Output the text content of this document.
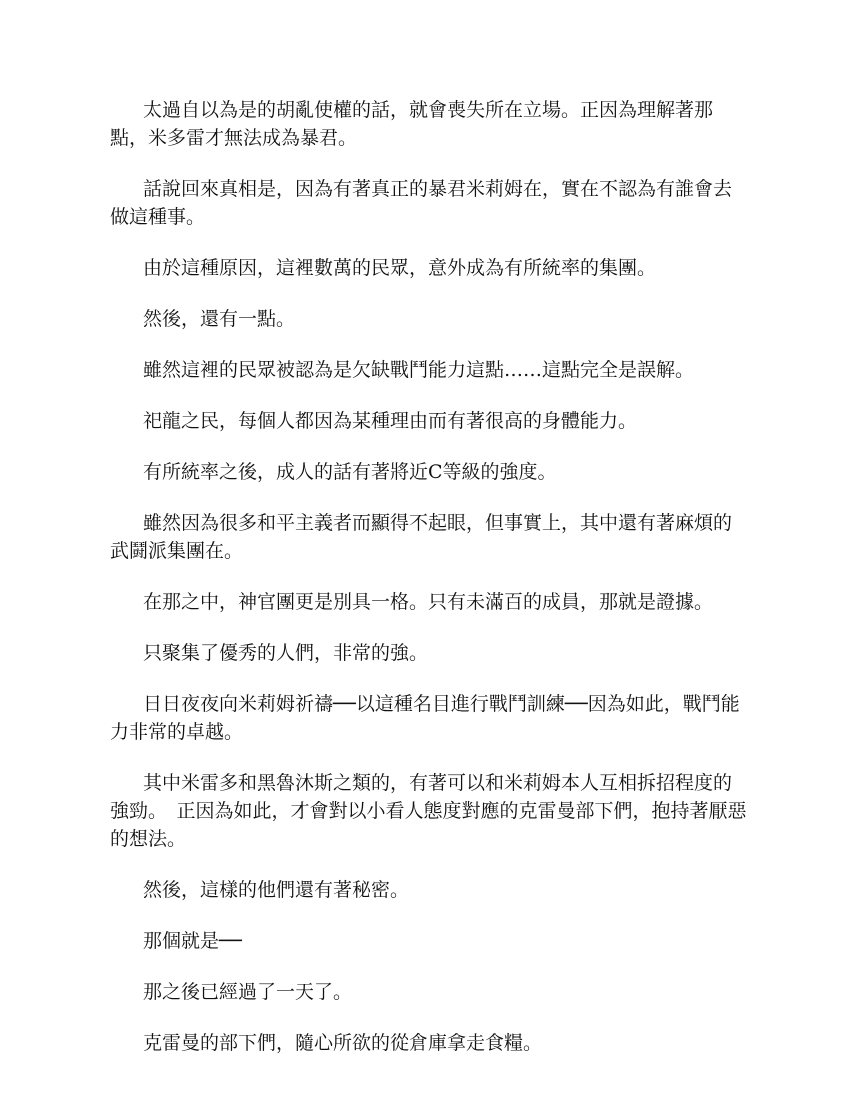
太過自以為是的胡亂使權的話，就會喪失所在立場。正因為理解著那點，米多雷才無法成為暴君。

話說回來真相是，因為有著真正的暴君米莉姆在，實在不認為有誰會去做這種事。

由於這種原因，這裡數萬的民眾，意外成為有所統率的集團。

然後，還有一點。

雖然這裡的民眾被認為是欠缺戰鬥能力這點……這點完全是誤解。

祀龍之民，每個人都因為某種理由而有著很高的身體能力。

有所統率之後，成人的話有著將近C等級的強度。

雖然因為很多和平主義者而顯得不起眼，但事實上，其中還有著麻煩的武鬪派集團在。

在那之中，神官團更是別具一格。只有未滿百的成員，那就是證據。

只聚集了優秀的人們，非常的強。

日日夜夜向米莉姆祈禱──以這種名目進行戰鬥訓練──因為如此，戰鬥能力非常的卓越。

其中米雷多和黑魯沐斯之類的，有著可以和米莉姆本人互相拆招程度的強勁。　正因為如此，才會對以小看人態度對應的克雷曼部下們，抱持著厭惡的想法。

然後，這樣的他們還有著秘密。

那個就是──

那之後已經過了一天了。

克雷曼的部下們，隨心所欲的從倉庫拿走食糧。
